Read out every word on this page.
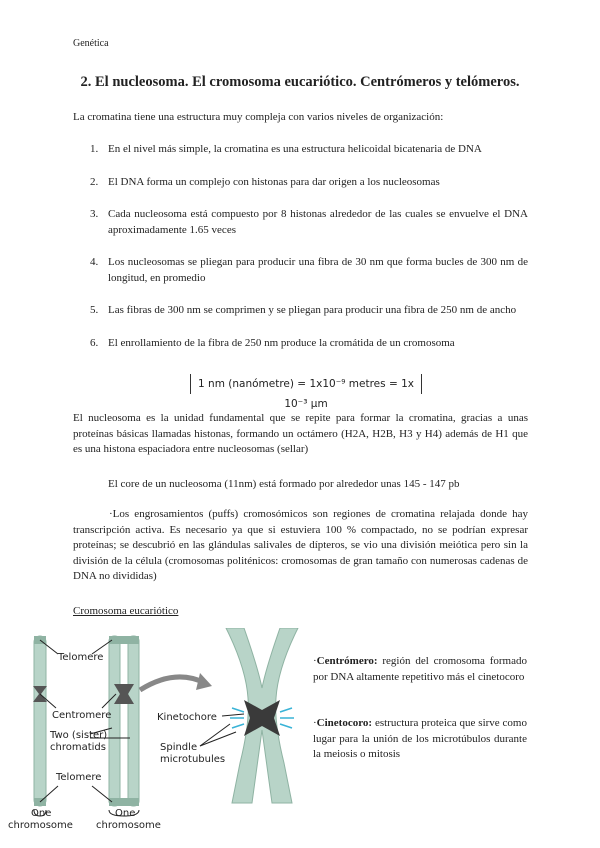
Genética
2. El nucleosoma. El cromosoma eucariótico. Centrómeros y telómeros.
La cromatina tiene una estructura muy compleja con varios niveles de organización:
1. En el nivel más simple, la cromatina es una estructura helicoidal bicatenaria de DNA
2. El DNA forma un complejo con histonas para dar origen a los nucleosomas
3. Cada nucleosoma está compuesto por 8 histonas alrededor de las cuales se envuelve el DNA aproximadamente 1.65 veces
4. Los nucleosomas se pliegan para producir una fibra de 30 nm que forma bucles de 300 nm de longitud, en promedio
5. Las fibras de 300 nm se comprimen y se pliegan para producir una fibra de 250 nm de ancho
6. El enrollamiento de la fibra de 250 nm produce la cromátida de un cromosoma
1 nm (nanómetre) = 1x10⁻⁹ metres = 1x 10⁻³ µm
El nucleosoma es la unidad fundamental que se repite para formar la cromatina, gracias a unas proteínas básicas llamadas histonas, formando un octámero (H2A, H2B, H3 y H4) además de H1 que es una histona espaciadora entre nucleosomas (sellar)
El core de un nucleosoma (11nm) está formado por alrededor unas 145 - 147 pb
·Los engrosamientos (puffs) cromosómicos son regiones de cromatina relajada donde hay transcripción activa. Es necesario ya que si estuviera 100 % compactado, no se podrían expresar proteínas; se descubrió en las glándulas salivales de dípteros, se vio una división meiótica pero sin la división de la célula (cromosomas politénicos: cromosomas de gran tamaño con numerosas cadenas de DNA no divididas)
Cromosoma eucariótico
Telomere
Centromere
Two (sister)
chromatids
Telomere
One
chromosome
One
chromosome
Kinetochore
Spindle
microtubules
·Centrómero: región del cromosoma formado por DNA altamente repetitivo más el cinetocoro
·Cinetocoro: estructura proteica que sirve como lugar para la unión de los microtúbulos durante la meiosis o mitosis
